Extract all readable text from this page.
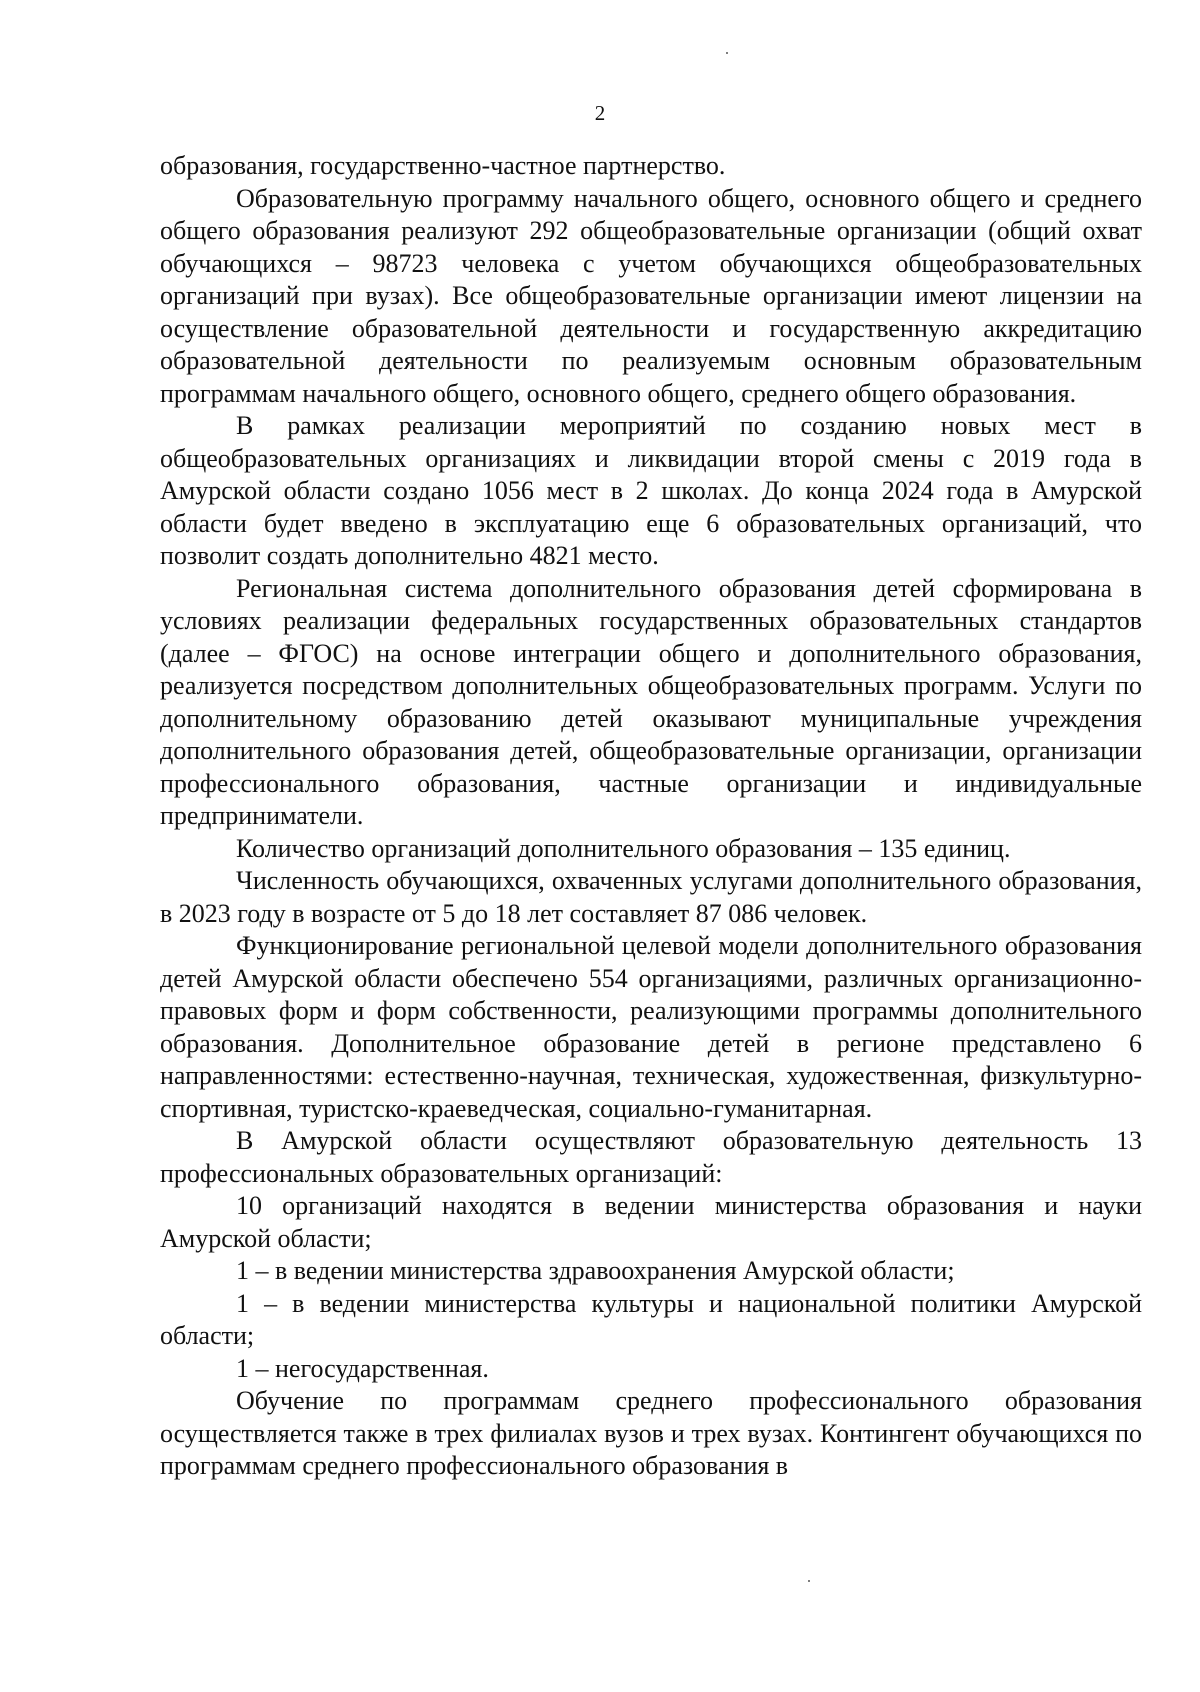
2

образования, государственно-частное партнерство.

Образовательную программу начального общего, основного общего и среднего общего образования реализуют 292 общеобразовательные организации (общий охват обучающихся – 98723 человека с учетом обучающихся общеобразовательных организаций при вузах). Все общеобразовательные организации имеют лицензии на осуществление образовательной деятельности и государственную аккредитацию образовательной деятельности по реализуемым основным образовательным программам начального общего, основного общего, среднего общего образования.

В рамках реализации мероприятий по созданию новых мест в общеобразовательных организациях и ликвидации второй смены с 2019 года в Амурской области создано 1056 мест в 2 школах. До конца 2024 года в Амурской области будет введено в эксплуатацию еще 6 образовательных организаций, что позволит создать дополнительно 4821 место.

Региональная система дополнительного образования детей сформирована в условиях реализации федеральных государственных образовательных стандартов (далее – ФГОС) на основе интеграции общего и дополнительного образования, реализуется посредством дополнительных общеобразовательных программ. Услуги по дополнительному образованию детей оказывают муниципальные учреждения дополнительного образования детей, общеобразовательные организации, организации профессионального образования, частные организации и индивидуальные предприниматели.

Количество организаций дополнительного образования – 135 единиц.

Численность обучающихся, охваченных услугами дополнительного образования, в 2023 году в возрасте от 5 до 18 лет составляет 87 086 человек.

Функционирование региональной целевой модели дополнительного образования детей Амурской области обеспечено 554 организациями, различных организационно-правовых форм и форм собственности, реализующими программы дополнительного образования. Дополнительное образование детей в регионе представлено 6 направленностями: естественно-научная, техническая, художественная, физкультурно-спортивная, туристско-краеведческая, социально-гуманитарная.

В Амурской области осуществляют образовательную деятельность 13 профессиональных образовательных организаций:

10 организаций находятся в ведении министерства образования и науки Амурской области;

1 – в ведении министерства здравоохранения Амурской области;

1 – в ведении министерства культуры и национальной политики Амурской области;

1 – негосударственная.

Обучение по программам среднего профессионального образования осуществляется также в трех филиалах вузов и трех вузах. Контингент обучающихся по программам среднего профессионального образования в
